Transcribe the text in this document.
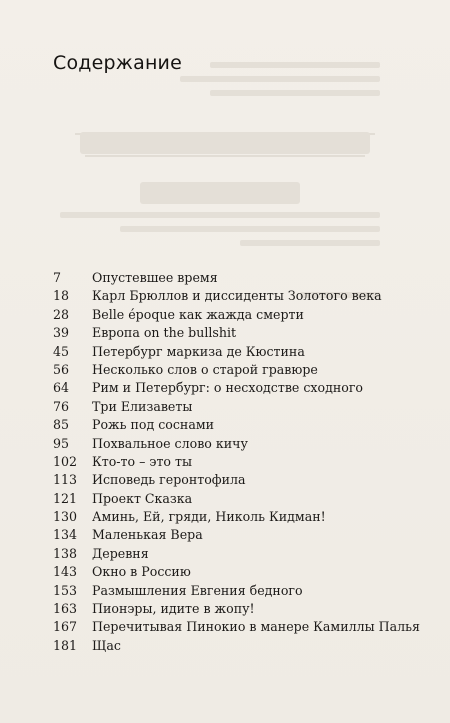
Содержание
7	Опустевшее время
18	Карл Брюллов и диссиденты Золотого века
28	Belle époque как жажда смерти
39	Европа on the bullshit
45	Петербург маркиза де Кюстина
56	Несколько слов о старой гравюре
64	Рим и Петербург: о несходстве сходного
76	Три Елизаветы
85	Рожь под соснами
95	Похвальное слово кичу
102	Кто-то – это ты
113	Исповедь геронтофила
121	Проект Сказка
130	Аминь, Ей, гряди, Николь Кидман!
134	Маленькая Вера
138	Деревня
143	Окно в Россию
153	Размышления Евгения бедного
163	Пионэры, идите в жопу!
167	Перечитывая Пинокио в манере Камиллы Палья
181	Щас
